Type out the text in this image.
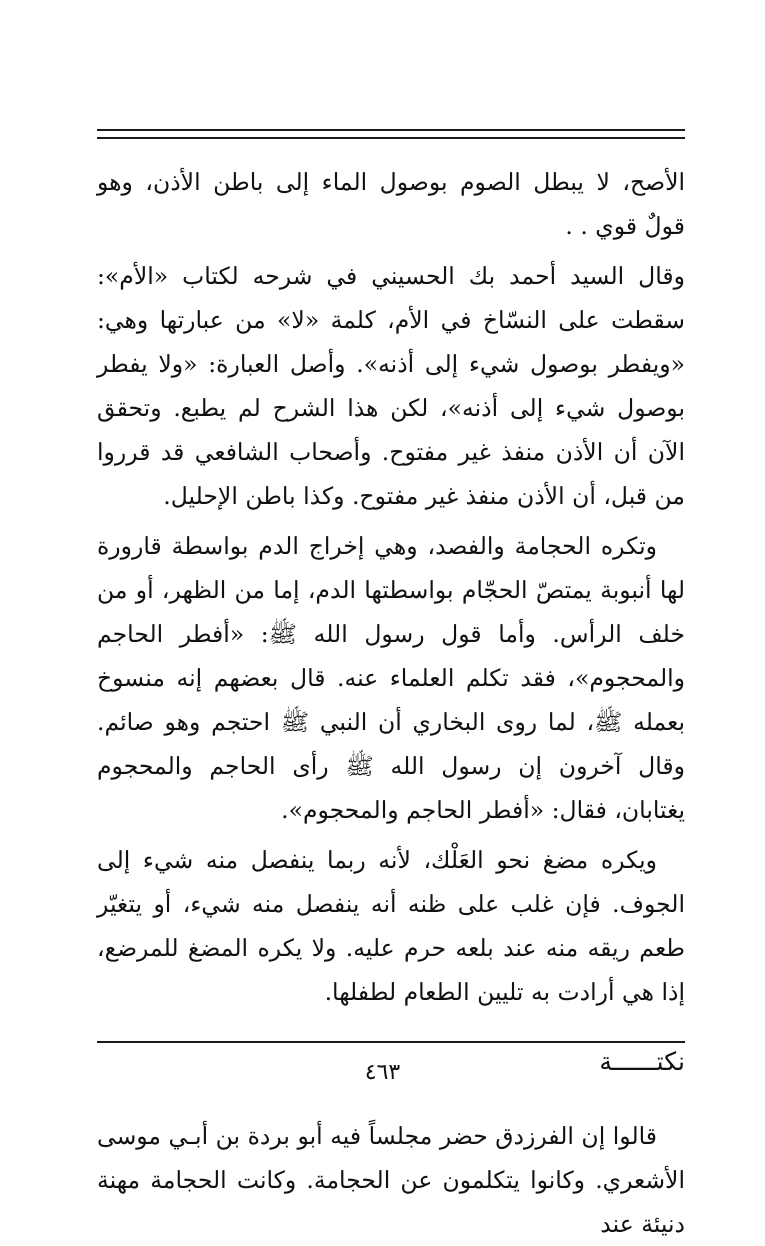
الأصح، لا يبطل الصوم بوصول الماء إلى باطن الأذن، وهو قولٌ قوي . .

وقال السيد أحمد بك الحسيني في شرحه لكتاب «الأم»: سقطت على النسّاخ في الأم، كلمة «لا» من عبارتها وهي: «ويفطر بوصول شيء إلى أذنه». وأصل العبارة: «ولا يفطر بوصول شيء إلى أذنه»، لكن هذا الشرح لم يطبع. وتحقق الآن أن الأذن منفذ غير مفتوح. وأصحاب الشافعي قد قرروا من قبل، أن الأذن منفذ غير مفتوح. وكذا باطن الإحليل.

وتكره الحجامة والفصد، وهي إخراج الدم بواسطة قارورة لها أنبوبة يمتصّ الحجّام بواسطتها الدم، إما من الظهر، أو من خلف الرأس. وأما قول رسول الله ﷺ: «أفطر الحاجم والمحجوم»، فقد تكلم العلماء عنه. قال بعضهم إنه منسوخ بعمله ﷺ، لما روى البخاري أن النبي ﷺ احتجم وهو صائم. وقال آخرون إن رسول الله ﷺ رأى الحاجم والمحجوم يغتابان، فقال: «أفطر الحاجم والمحجوم».

ويكره مضغ نحو العَلْك، لأنه ربما ينفصل منه شيء إلى الجوف. فإن غلب على ظنه أنه ينفصل منه شيء، أو يتغيّر طعم ريقه منه عند بلعه حرم عليه. ولا يكره المضغ للمرضع، إذا هي أرادت به تليين الطعام لطفلها.

نكتــــــة

قالوا إن الفرزدق حضر مجلساً فيه أبو بردة بن أبـي موسى الأشعري. وكانوا يتكلمون عن الحجامة. وكانت الحجامة مهنة دنيئة عند

٤٦٣
